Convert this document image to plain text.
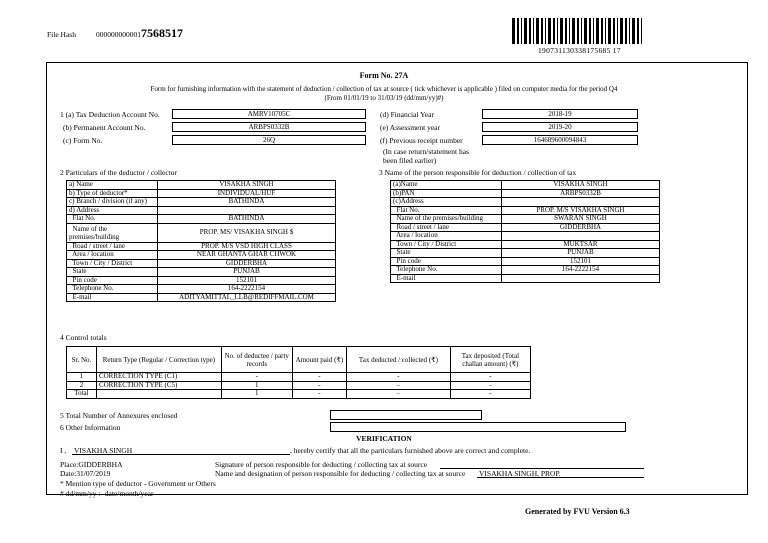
File Hash	0000000000017568517
190731130338175685 17
Form No. 27A
Form for furnishing information with the statement of deduction / collection of tax at source ( tick whichever is applicable ) filed on computer media for the period Q4
(From 01/01/19 to 31/03/19 (dd/mm/yy)#)
1 (a) Tax Deduction Account No.	AMRV10705C
(b) Permanent Account No.	ARBPS0332B
(c) Form No.	26Q
(d) Financial Year	2018-19
(e) Assessment year	2019-20
(f) Previous receipt number	164689600094843
(In case return/statement has
been filed earlier)
2 Particulars of the deductor / collector
a) Name	VISAKHA SINGH
b) Type of deductor*	INDIVIDUAL/HUF
c) Branch / division (if any)	BATHINDA
d) Address	
Flat No.	BATHINDA
Name of the premises/building	PROP. MS/ VISAKHA SINGH $
Road / street / lane	PROP. M/S VSD HIGH CLASS
Area / location	NEAR GHANTA GHAR CHWOK
Town / City / District	GIDDERBHA
State	PUNJAB
Pin code	152101
Telephone No.	164-2222154
E-mail	ADITYAMITTAL_LLB@REDIFFMAIL.COM
3 Name of the person responsible for deduction / collection of tax
(a)Name	VISAKHA SINGH
(b)PAN	ARBPS0332B
(c)Address	
Flat No.	PROP. M/S VISAKHA SINGH
Name of the premises/building	SWARAN SINGH
Road / street / lane	GIDDERBHA
Area / location	
Town / City / District	MUKTSAR
State	PUNJAB
Pin code	152101
Telephone No.	164-2222154
E-mail	
4 Control totals
Sr. No.	Return Type (Regular / Correction type)	No. of deductee / party records	Amount paid (₹)	Tax deducted / collected (₹)	Tax deposited (Total challan amount) (₹)
1	CORRECTION TYPE (C1)	-	-	-	-
2	CORRECTION TYPE (C5)	1	-	-	-
Total		1	-	-	-
5 Total Number of Annexures enclosed
6 Other Information
VERIFICATION
I , VISAKHA SINGH	, hereby certify that all the particulars furnished above are correct and complete.
Place:GIDDERBHA
Date:31/07/2019
Signature of person responsible for deducting / collecting tax at source
Name and designation of person responsible for deducting / collecting tax at source VISAKHA SINGH, PROP.
* Mention type of deductor - Government or Others
# dd/mm/yy :- date/month/year
Generated by FVU Version 6.3
